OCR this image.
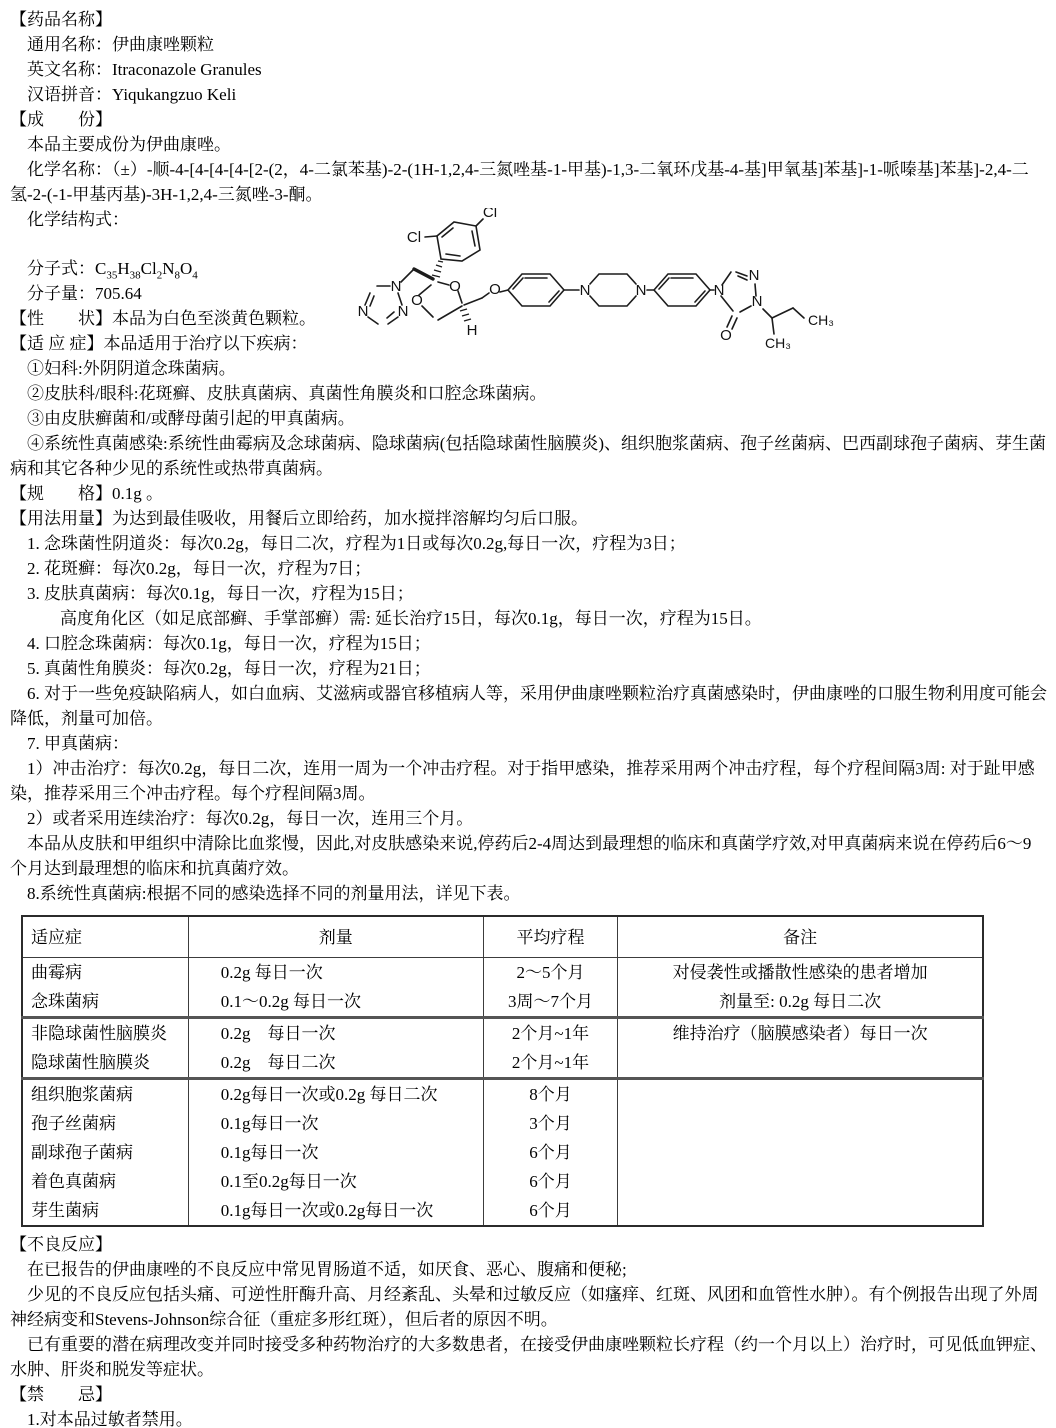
【药品名称】
通用名称：伊曲康唑颗粒
英文名称：Itraconazole Granules
汉语拼音：Yiqukangzuo Keli
【成　　份】
本品主要成份为伊曲康唑。
化学名称：（±）-顺-4-[4-[4-[4-[2-(2，4-二氯苯基)-2-(1H-1,2,4-三氮唑基-1-甲基)-1,3-二氧环戊基-4-基]甲氧基]苯基]-1-哌嗪基]苯基]-2,4-二氢-2-(-1-甲基丙基)-3H-1,2,4-三氮唑-3-酮。
化学结构式：
　分子式：$C_{35}H_{38}Cl_2N_8O_4$
分子量：705.64
【性　　状】本品为白色至淡黄色颗粒。
【适 应 症】本品适用于治疗以下疾病：
①妇科:外阴阴道念珠菌病。
②皮肤科/眼科:花斑癣、皮肤真菌病、真菌性角膜炎和口腔念珠菌病。
③由皮肤癣菌和/或酵母菌引起的甲真菌病。
④系统性真菌感染:系统性曲霉病及念球菌病、隐球菌病(包括隐球菌性脑膜炎)、组织胞浆菌病、孢子丝菌病、巴西副球孢子菌病、芽生菌病和其它各种少见的系统性或热带真菌病。
【规　　格】0.1g 。
【用法用量】为达到最佳吸收，用餐后立即给药，加水搅拌溶解均匀后口服。
1. 念珠菌性阴道炎：每次0.2g，每日二次，疗程为1日或每次0.2g,每日一次，疗程为3日；
2. 花斑癣：每次0.2g，每日一次，疗程为7日；
3. 皮肤真菌病：每次0.1g，每日一次，疗程为15日；
高度角化区（如足底部癣、手掌部癣）需: 延长治疗15日，每次0.1g，每日一次，疗程为15日。
4. 口腔念珠菌病：每次0.1g，每日一次，疗程为15日；
5. 真菌性角膜炎：每次0.2g，每日一次，疗程为21日；
6. 对于一些免疫缺陷病人，如白血病、艾滋病或器官移植病人等，采用伊曲康唑颗粒治疗真菌感染时，伊曲康唑的口服生物利用度可能会降低，剂量可加倍。
7. 甲真菌病：
1）冲击治疗：每次0.2g，每日二次，连用一周为一个冲击疗程。对于指甲感染，推荐采用两个冲击疗程，每个疗程间隔3周: 对于趾甲感染，推荐采用三个冲击疗程。每个疗程间隔3周。
2）或者采用连续治疗：每次0.2g，每日一次，连用三个月。
本品从皮肤和甲组织中清除比血浆慢，因此,对皮肤感染来说,停药后2-4周达到最理想的临床和真菌学疗效,对甲真菌病来说在停药后6～9个月达到最理想的临床和抗真菌疗效。
8.系统性真菌病:根据不同的感染选择不同的剂量用法，详见下表。
适应症	剂量	平均疗程	备注
曲霉病	0.2g 每日一次	2～5个月	对侵袭性或播散性感染的患者增加
念珠菌病	0.1～0.2g 每日一次	3周～7个月	剂量至: 0.2g 每日二次
非隐球菌性脑膜炎	0.2g　每日一次	2个月~1年	维持治疗（脑膜感染者）每日一次
隐球菌性脑膜炎	0.2g　每日二次	2个月~1年	
组织胞浆菌病	0.2g每日一次或0.2g 每日二次	8个月	
孢子丝菌病	0.1g每日一次	3个月	
副球孢子菌病	0.1g每日一次	6个月	
着色真菌病	0.1至0.2g每日一次	6个月	
芽生菌病	0.1g每日一次或0.2g每日一次	6个月	
【不良反应】
在已报告的伊曲康唑的不良反应中常见胃肠道不适，如厌食、恶心、腹痛和便秘;
少见的不良反应包括头痛、可逆性肝酶升高、月经紊乱、头晕和过敏反应（如瘙痒、红斑、风团和血管性水肿）。有个例报告出现了外周神经病变和Stevens-Johnson综合征（重症多形红斑），但后者的原因不明。
已有重要的潜在病理改变并同时接受多种药物治疗的大多数患者，在接受伊曲康唑颗粒长疗程（约一个月以上）治疗时，可见低血钾症、水肿、肝炎和脱发等症状。
【禁　　忌】
1.对本品过敏者禁用。
N
N
N
O
O
Cl
Cl
H
O	N	N	N
N
N
O CH₃
CH₃
